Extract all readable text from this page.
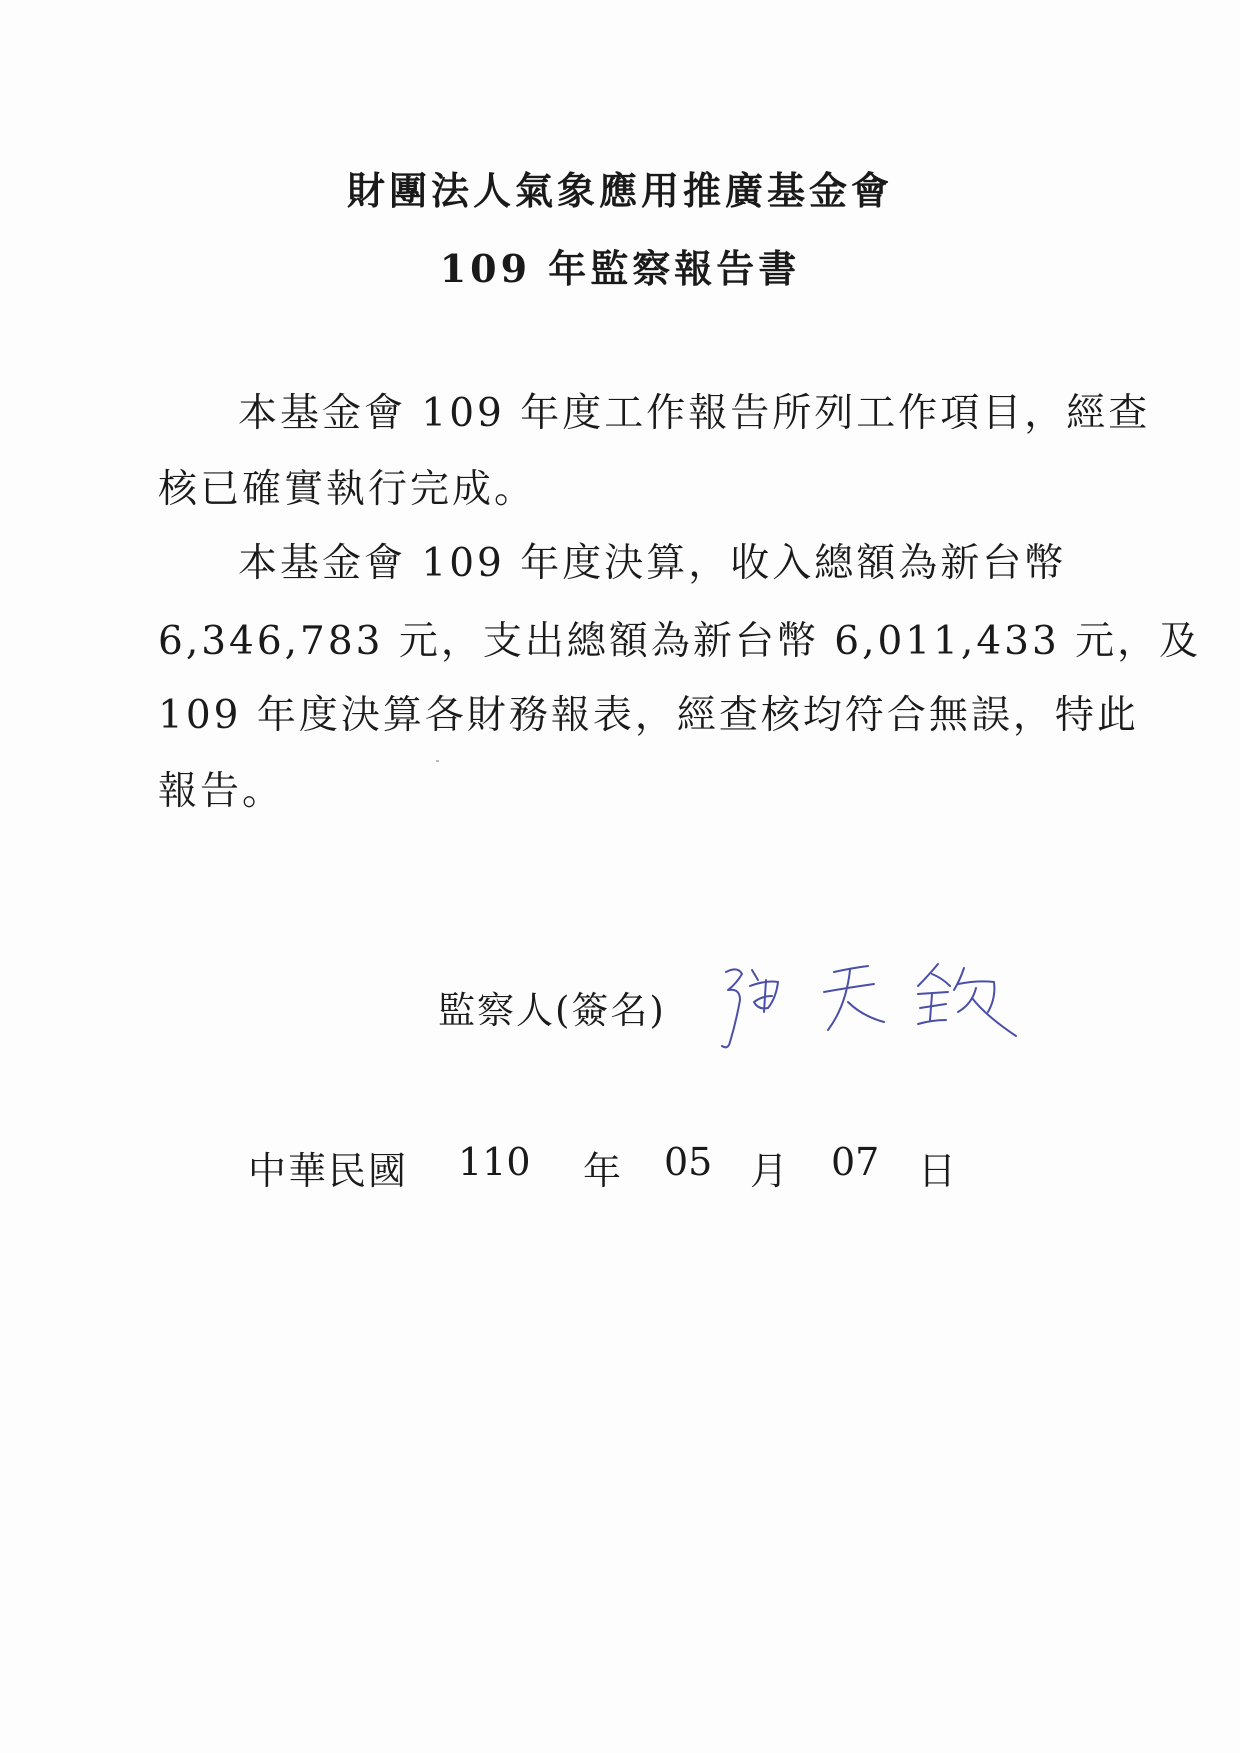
財團法人氣象應用推廣基金會
109 年監察報告書
本基金會 109 年度工作報告所列工作項目，經查
核已確實執行完成。
本基金會 109 年度決算，收入總額為新台幣
6,346,783 元，支出總額為新台幣 6,011,433 元，及
109 年度決算各財務報表，經查核均符合無誤，特此
報告。
監察人(簽名)
中華民國 110 年 05 月 07 日
